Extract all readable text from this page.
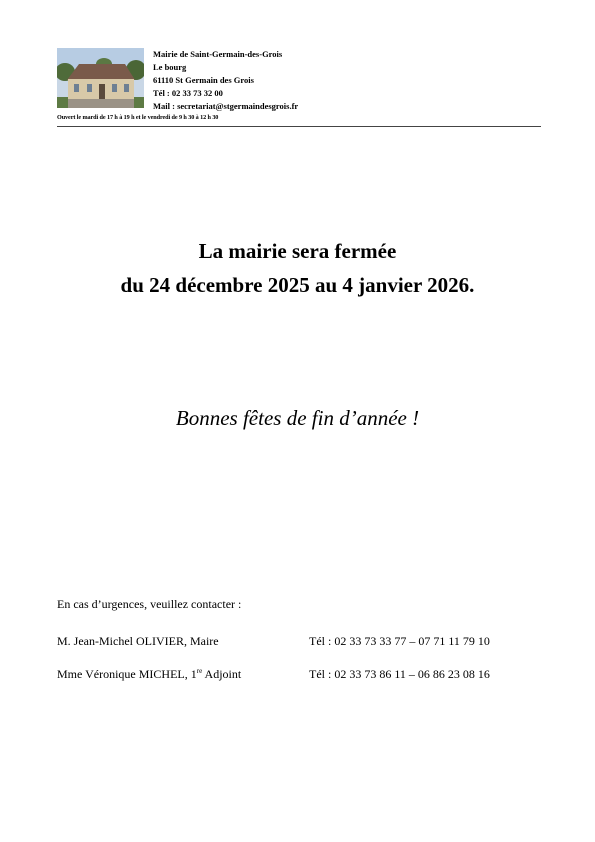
Mairie de Saint-Germain-des-Grois
Le bourg
61110 St Germain des Grois
Tél : 02 33 73 32 00
Mail : secretariat@stgermaindesgrois.fr
Ouvert le mardi de 17 h à 19 h et le vendredi de 9 h 30 à 12 h 30
La mairie sera fermée
du 24 décembre 2025 au 4 janvier 2026.
Bonnes fêtes de fin d’année !
En cas d’urgences, veuillez contacter :
M. Jean-Michel OLIVIER, Maire	Tél : 02 33 73 33 77 – 07 71 11 79 10
Mme Véronique MICHEL, 1re Adjoint	Tél : 02 33 73 86 11 – 06 86 23 08 16
